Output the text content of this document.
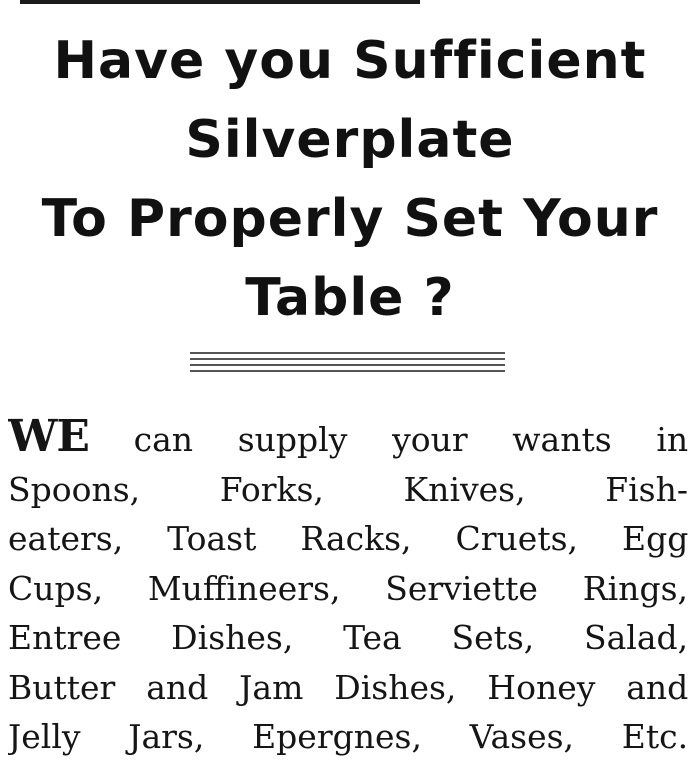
Have you Sufficient
Silverplate
To Properly Set Your
Table ?
WE can supply your wants in
Spoons, Forks, Knives, Fish-
eaters, Toast Racks, Cruets, Egg
Cups, Muffineers, Serviette Rings,
Entree Dishes, Tea Sets, Salad,
Butter and Jam Dishes, Honey and
Jelly Jars, Epergnes, Vases, Etc.
